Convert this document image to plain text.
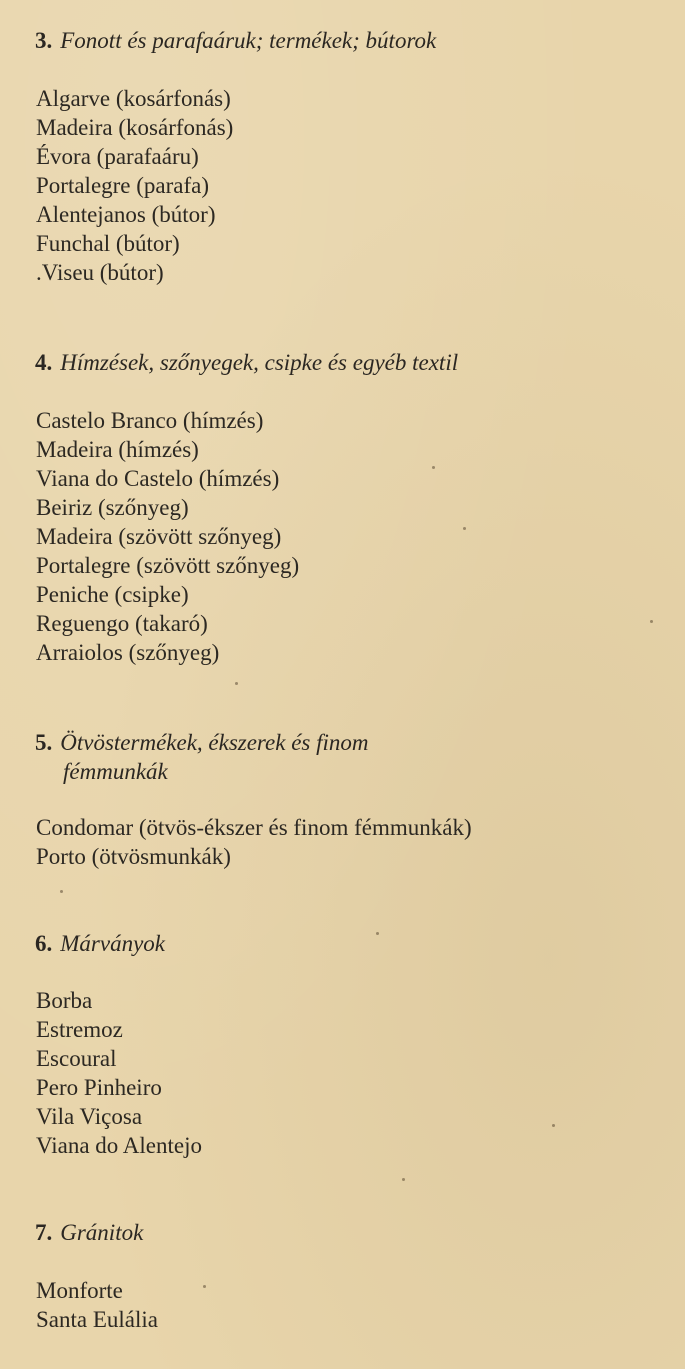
3. Fonott és parafaáruk; termékek; bútorok
Algarve (kosárfonás)
Madeira (kosárfonás)
Évora (parafaáru)
Portalegre (parafa)
Alentejanos (bútor)
Funchal (bútor)
.Viseu (bútor)
4. Hímzések, szőnyegek, csipke és egyéb textil
Castelo Branco (hímzés)
Madeira (hímzés)
Viana do Castelo (hímzés)
Beiriz (szőnyeg)
Madeira (szövött szőnyeg)
Portalegre (szövött szőnyeg)
Peniche (csipke)
Reguengo (takaró)
Arraiolos (szőnyeg)
5. Ötvöstermékek, ékszerek és finom
fémmunkák
Condomar (ötvös-ékszer és finom fémmunkák)
Porto (ötvösmunkák)
6. Márványok
Borba
Estremoz
Escoural
Pero Pinheiro
Vila Viçosa
Viana do Alentejo
7. Gránitok
Monforte
Santa Eulália
